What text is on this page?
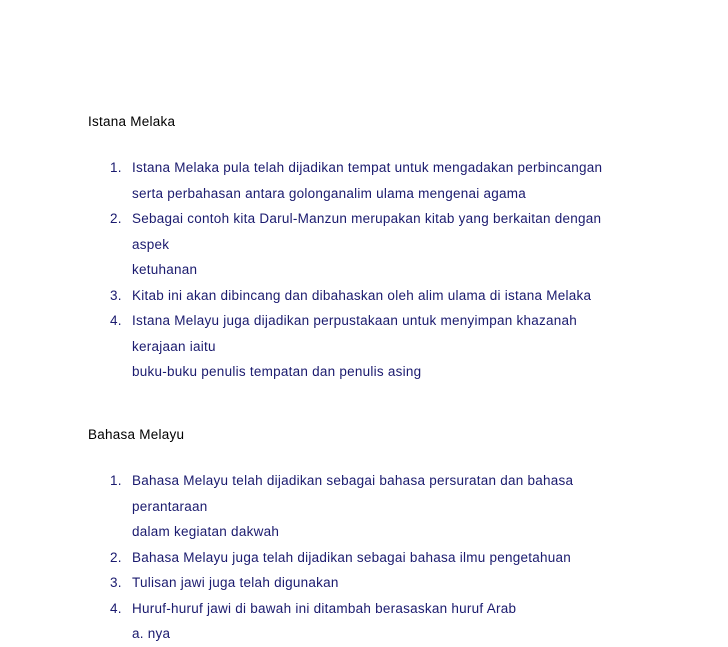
Istana Melaka
1. Istana Melaka pula telah dijadikan tempat untuk mengadakan perbincangan
serta perbahasan antara golonganalim ulama mengenai agama
2. Sebagai contoh kita Darul-Manzun merupakan kitab yang berkaitan dengan
aspek
ketuhanan
3. Kitab ini akan dibincang dan dibahaskan oleh alim ulama di istana Melaka
4. Istana Melayu juga dijadikan perpustakaan untuk menyimpan khazanah
kerajaan iaitu
buku-buku penulis tempatan dan penulis asing
Bahasa Melayu
1. Bahasa Melayu telah dijadikan sebagai bahasa persuratan dan bahasa
perantaraan
dalam kegiatan dakwah
2. Bahasa Melayu juga telah dijadikan sebagai bahasa ilmu pengetahuan
3. Tulisan jawi juga telah digunakan
4. Huruf-huruf jawi di bawah ini ditambah berasaskan huruf Arab
a. nya
